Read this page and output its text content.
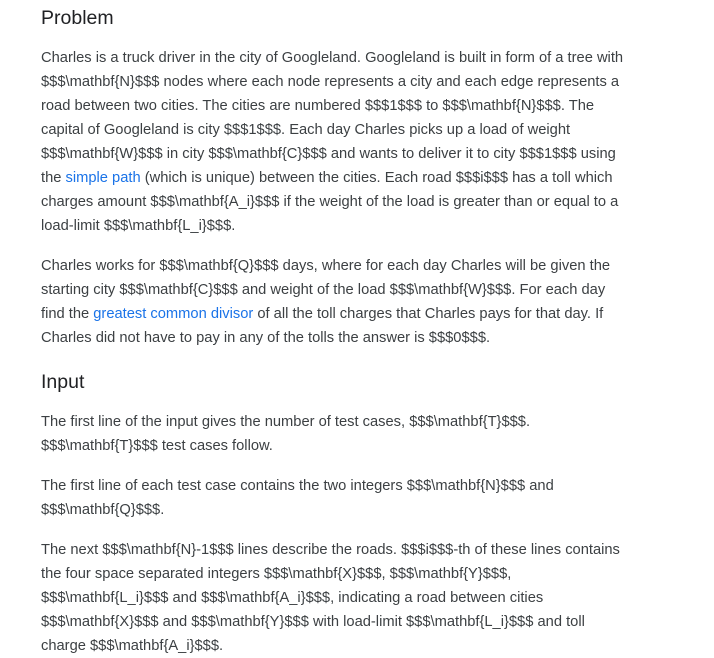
Problem

Charles is a truck driver in the city of Googleland. Googleland is built in form of a tree with
$$$\mathbf{N}$$$ nodes where each node represents a city and each edge represents a
road between two cities. The cities are numbered $$$1$$$ to $$$\mathbf{N}$$$. The
capital of Googleland is city $$$1$$$. Each day Charles picks up a load of weight
$$$\mathbf{W}$$$ in city $$$\mathbf{C}$$$ and wants to deliver it to city $$$1$$$ using
the simple path (which is unique) between the cities. Each road $$$i$$$ has a toll which
charges amount $$$\mathbf{A_i}$$$ if the weight of the load is greater than or equal to a
load-limit $$$\mathbf{L_i}$$$.

Charles works for $$$\mathbf{Q}$$$ days, where for each day Charles will be given the
starting city $$$\mathbf{C}$$$ and weight of the load $$$\mathbf{W}$$$. For each day
find the greatest common divisor of all the toll charges that Charles pays for that day. If
Charles did not have to pay in any of the tolls the answer is $$$0$$$.

Input

The first line of the input gives the number of test cases, $$$\mathbf{T}$$$.
$$$\mathbf{T}$$$ test cases follow.

The first line of each test case contains the two integers $$$\mathbf{N}$$$ and
$$$\mathbf{Q}$$$.

The next $$$\mathbf{N}-1$$$ lines describe the roads. $$$i$$$-th of these lines contains
the four space separated integers $$$\mathbf{X}$$$, $$$\mathbf{Y}$$$,
$$$\mathbf{L_i}$$$ and $$$\mathbf{A_i}$$$, indicating a road between cities
$$$\mathbf{X}$$$ and $$$\mathbf{Y}$$$ with load-limit $$$\mathbf{L_i}$$$ and toll
charge $$$\mathbf{A_i}$$$.
